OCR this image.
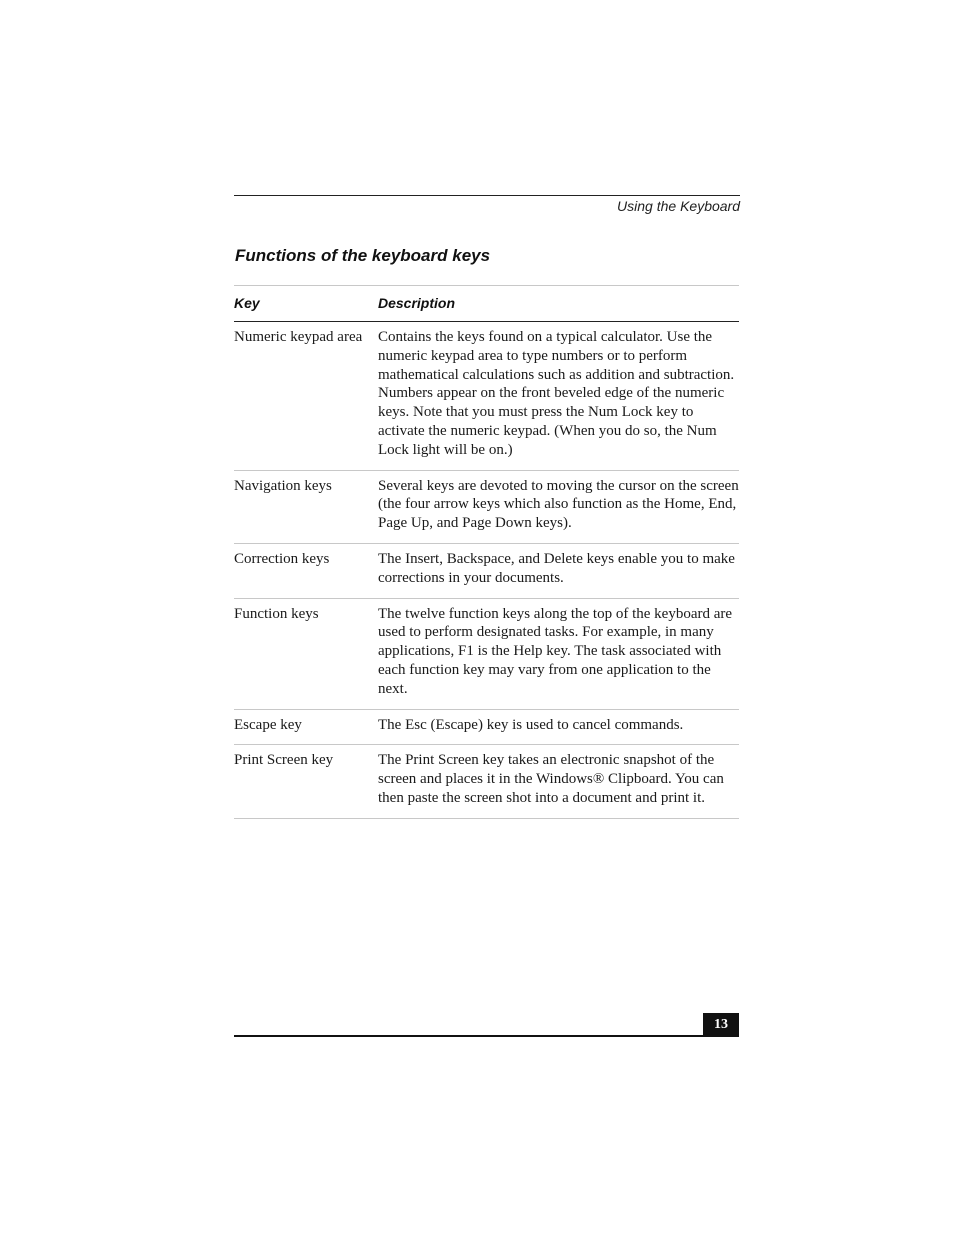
Using the Keyboard
Functions of the keyboard keys
Key	Description
Numeric keypad area	Contains the keys found on a typical calculator. Use the numeric keypad area to type numbers or to perform mathematical calculations such as addition and subtraction. Numbers appear on the front beveled edge of the numeric keys. Note that you must press the Num Lock key to activate the numeric keypad. (When you do so, the Num Lock light will be on.)
Navigation keys	Several keys are devoted to moving the cursor on the screen (the four arrow keys which also function as the Home, End, Page Up, and Page Down keys).
Correction keys	The Insert, Backspace, and Delete keys enable you to make corrections in your documents.
Function keys	The twelve function keys along the top of the keyboard are used to perform designated tasks. For example, in many applications, F1 is the Help key. The task associated with each function key may vary from one application to the next.
Escape key	The Esc (Escape) key is used to cancel commands.
Print Screen key	The Print Screen key takes an electronic snapshot of the screen and places it in the Windows® Clipboard. You can then paste the screen shot into a document and print it.
13
